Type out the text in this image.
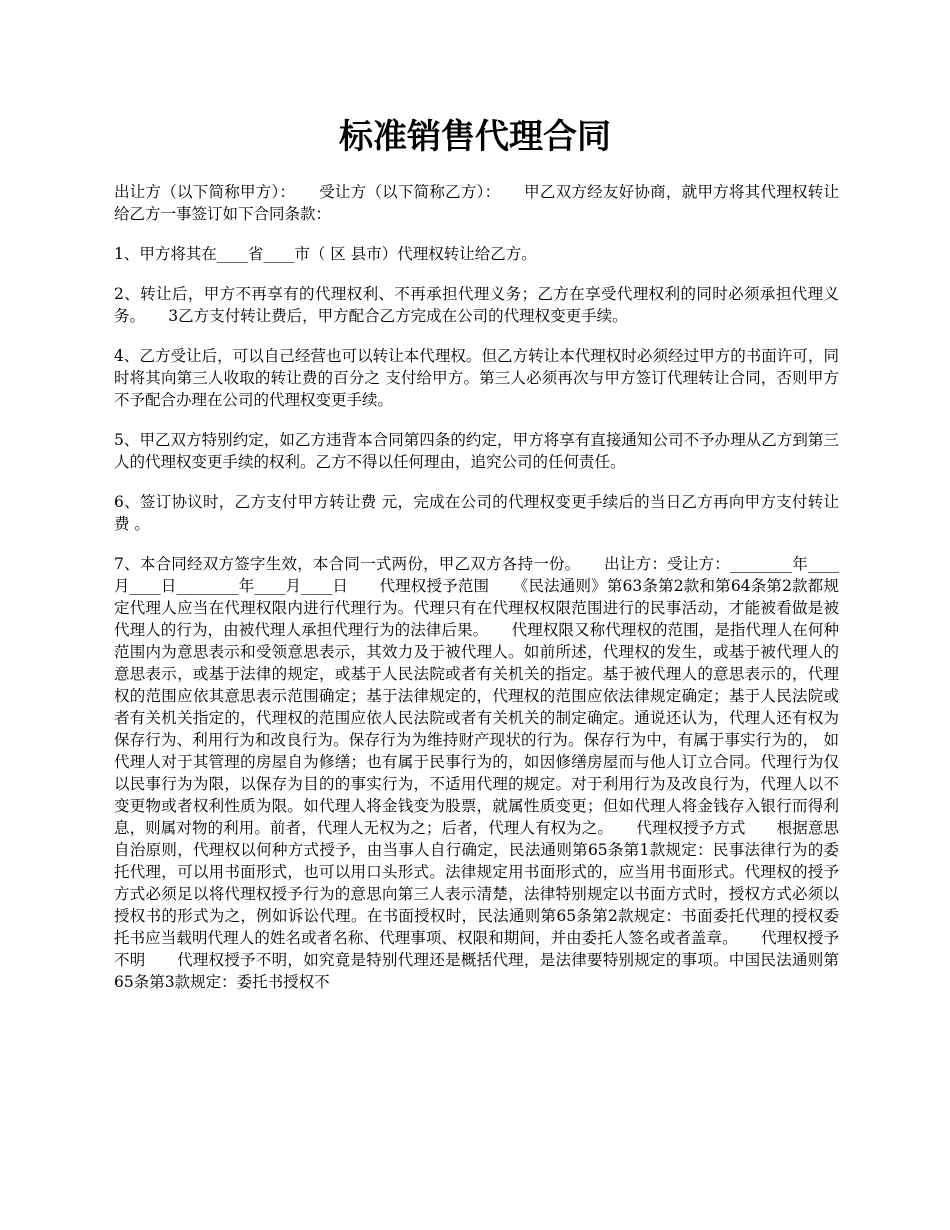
标准销售代理合同

出让方（以下简称甲方）：　　受让方（以下简称乙方）：　　甲乙双方经友好协商，就甲方将其代理权转让给乙方一事签订如下合同条款：

1、甲方将其在____省____市（ 区 县市）代理权转让给乙方。

2、转让后，甲方不再享有的代理权利、不再承担代理义务；乙方在享受代理权利的同时必须承担代理义务。　　3乙方支付转让费后，甲方配合乙方完成在公司的代理权变更手续。

4、乙方受让后，可以自己经营也可以转让本代理权。但乙方转让本代理权时必须经过甲方的书面许可，同时将其向第三人收取的转让费的百分之 支付给甲方。第三人必须再次与甲方签订代理转让合同，否则甲方不予配合办理在公司的代理权变更手续。

5、甲乙双方特别约定，如乙方违背本合同第四条的约定，甲方将享有直接通知公司不予办理从乙方到第三人的代理权变更手续的权利。乙方不得以任何理由，追究公司的任何责任。

6、签订协议时，乙方支付甲方转让费 元，完成在公司的代理权变更手续后的当日乙方再向甲方支付转让费 。

7、本合同经双方签字生效，本合同一式两份，甲乙双方各持一份。　　出让方：受让方：________年____月____日________年____月____日　　代理权授予范围　　《民法通则》第63条第2款和第64条第2款都规定代理人应当在代理权限内进行代理行为。代理只有在代理权权限范围进行的民事活动，才能被看做是被代理人的行为，由被代理人承担代理行为的法律后果。　　代理权限又称代理权的范围，是指代理人在何种范围内为意思表示和受领意思表示，其效力及于被代理人。如前所述，代理权的发生，或基于被代理人的意思表示，或基于法律的规定，或基于人民法院或者有关机关的指定。基于被代理人的意思表示的，代理权的范围应依其意思表示范围确定；基于法律规定的，代理权的范围应依法律规定确定；基于人民法院或者有关机关指定的，代理权的范围应依人民法院或者有关机关的制定确定。通说还认为，代理人还有权为保存行为、利用行为和改良行为。保存行为为维持财产现状的行为。保存行为中，有属于事实行为的， 如代理人对于其管理的房屋自为修缮；也有属于民事行为的，如因修缮房屋而与他人订立合同。代理行为仅以民事行为为限，以保存为目的的事实行为，不适用代理的规定。对于利用行为及改良行为，代理人以不变更物或者权利性质为限。如代理人将金钱变为股票，就属性质变更；但如代理人将金钱存入银行而得利息，则属对物的利用。前者，代理人无权为之；后者，代理人有权为之。　　代理权授予方式　　根据意思自治原则，代理权以何种方式授予，由当事人自行确定，民法通则第65条第1款规定：民事法律行为的委托代理，可以用书面形式，也可以用口头形式。法律规定用书面形式的，应当用书面形式。代理权的授予方式必须足以将代理权授予行为的意思向第三人表示清楚，法律特别规定以书面方式时，授权方式必须以授权书的形式为之，例如诉讼代理。在书面授权时，民法通则第65条第2款规定：书面委托代理的授权委托书应当载明代理人的姓名或者名称、代理事项、权限和期间，并由委托人签名或者盖章。　　代理权授予不明　　代理权授予不明，如究竟是特别代理还是概括代理，是法律要特别规定的事项。中国民法通则第65条第3款规定：委托书授权不
